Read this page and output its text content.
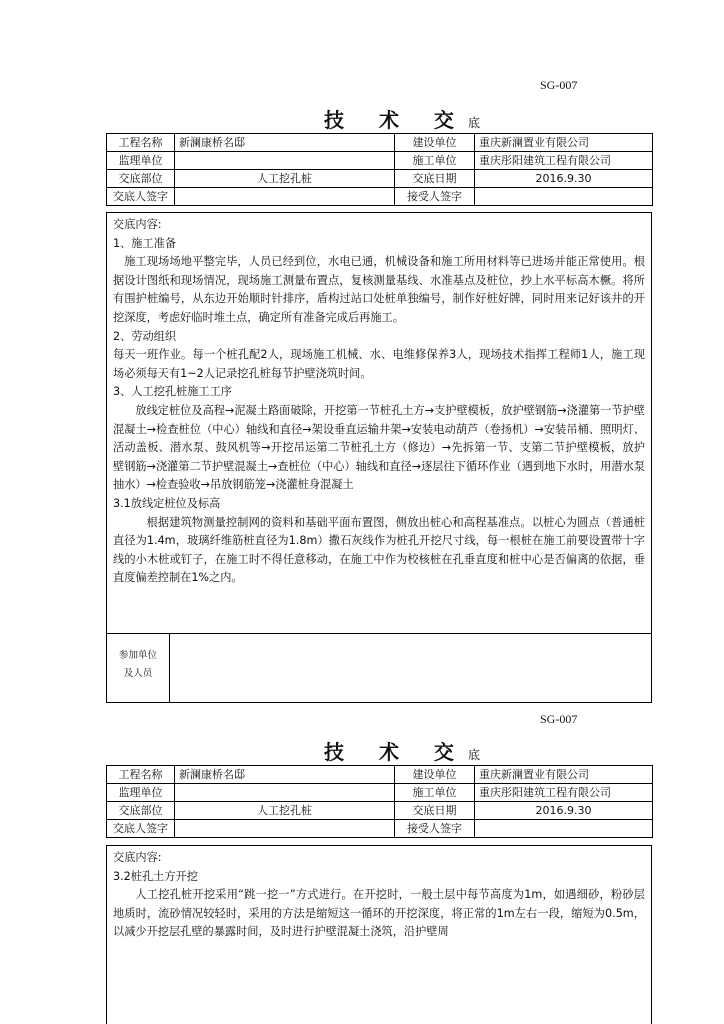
SG-007
技 术 交底
工程名称	新澜康桥名邸	建设单位	重庆新澜置业有限公司
监理单位		施工单位	重庆彤阳建筑工程有限公司
交底部位	人工挖孔桩	交底日期	2016.9.30
交底人签字		接受人签字	

交底内容:

1、施工准备

施工现场场地平整完毕，人员已经到位，水电已通，机械设备和施工所用材料等已进场并能正常使用。根据设计图纸和现场情况，现场施工测量布置点，复核测量基线、水准基点及桩位，抄上水平标高木橛。将所有围护桩编号，从东边开始顺时针排序，盾构过站口处桩单独编号，制作好桩好牌，同时用来记好该井的开挖深度，考虑好临时堆土点，确定所有准备完成后再施工。

2、劳动组织

每天一班作业。每一个桩孔配2人，现场施工机械、水、电维修保养3人，现场技术指挥工程师1人，施工现场必须每天有1~2人记录挖孔桩每节护壁浇筑时间。

3、人工挖孔桩施工工序

放线定桩位及高程→泥凝土路面破除，开挖第一节桩孔土方→支护壁模板，放护壁钢筋→浇灌第一节护壁混凝土→检查桩位（中心）轴线和直径→架设垂直运输井架→安装电动葫芦（卷扬机）→安装吊桶、照明灯、活动盖板、潜水泵、鼓风机等→开挖吊运第二节桩孔土方（修边）→先拆第一节、支第二节护壁模板，放护壁钢筋→浇灌第二节护壁混凝土→查桩位（中心）轴线和直径→逐层往下循环作业（遇到地下水时，用潜水泵抽水）→检查验收→吊放钢筋笼→浇灌桩身混凝土

3.1放线定桩位及标高

根据建筑物测量控制网的资料和基础平面布置图，侧放出桩心和高程基准点。以桩心为圆点（普通桩直径为1.4m，玻璃纤维筋桩直径为1.8m）撒石灰线作为桩孔开挖尺寸线，每一根桩在施工前要设置带十字线的小木桩或钉子，在施工时不得任意移动，在施工中作为校核桩在孔垂直度和桩中心是否偏离的依据，垂直度偏差控制在1%之内。

参加单位
及人员
SG-007
技 术 交底
工程名称	新澜康桥名邸	建设单位	重庆新澜置业有限公司
监理单位		施工单位	重庆彤阳建筑工程有限公司
交底部位	人工挖孔桩	交底日期	2016.9.30
交底人签字		接受人签字	

交底内容:

3.2桩孔土方开挖

人工挖孔桩开挖采用“跳一挖一”方式进行。在开挖时，一般土层中每节高度为1m，如遇细砂，粉砂层地质时，流砂情况较轻时，采用的方法是缩短这一循环的开挖深度，将正常的1m左右一段，缩短为0.5m，以减少开挖层孔壁的暴露时间，及时进行护壁混凝土浇筑，沿护壁周
